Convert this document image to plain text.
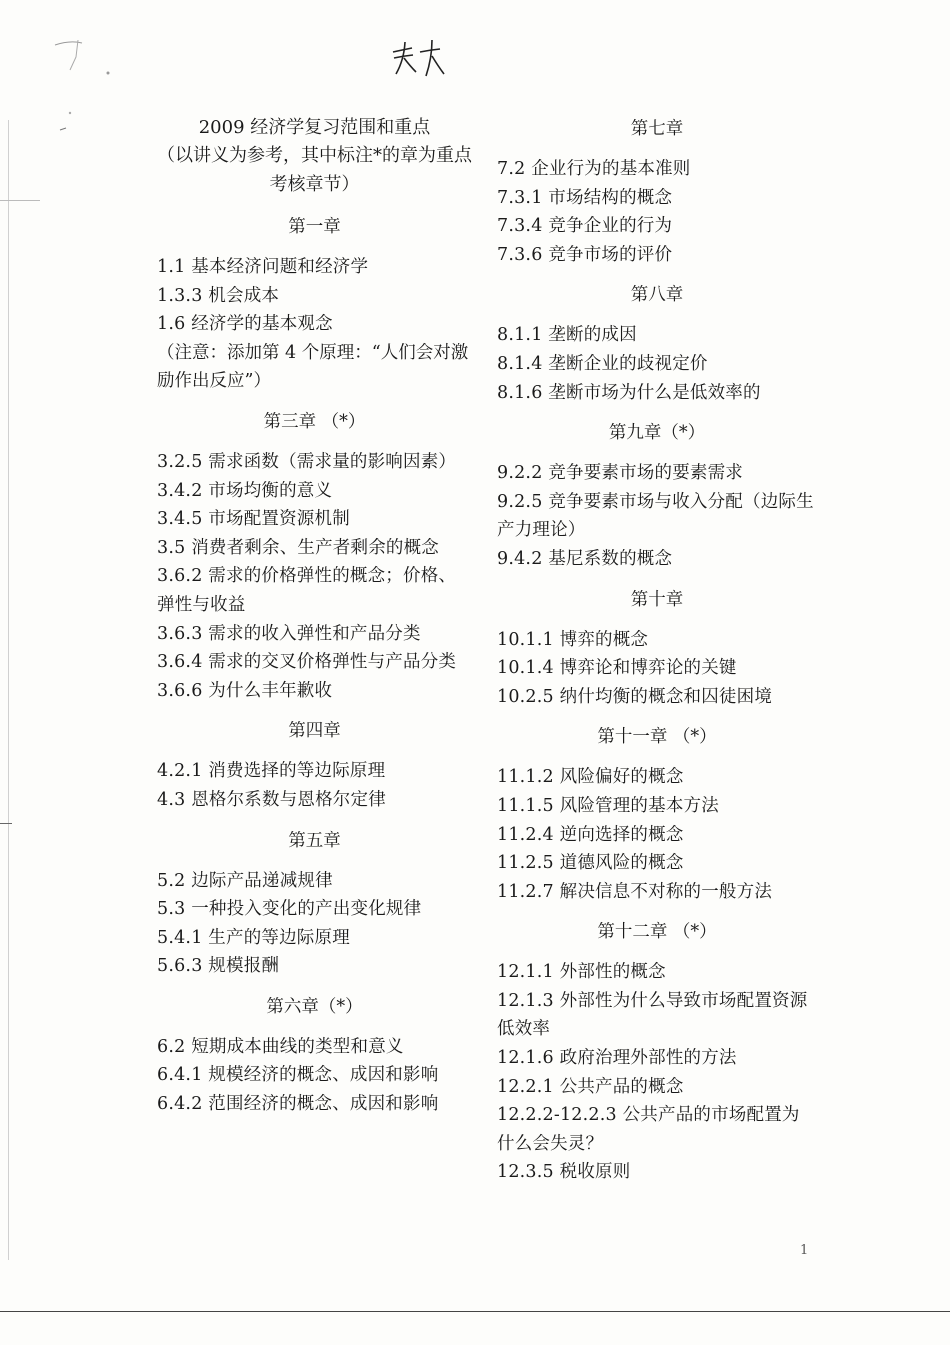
2009 经济学复习范围和重点
（以讲义为参考，其中标注*的章为重点考核章节）
第一章

1.1 基本经济问题和经济学

1.3.3 机会成本

1.6 经济学的基本观念

（注意：添加第 4 个原理：“人们会对激励作出反应”）

第三章 （*）

3.2.5 需求函数（需求量的影响因素）

3.4.2 市场均衡的意义

3.4.5 市场配置资源机制

3.5 消费者剩余、生产者剩余的概念

3.6.2 需求的价格弹性的概念；价格、弹性与收益

3.6.3 需求的收入弹性和产品分类

3.6.4 需求的交叉价格弹性与产品分类

3.6.6 为什么丰年歉收

第四章

4.2.1 消费选择的等边际原理

4.3 恩格尔系数与恩格尔定律

第五章

5.2 边际产品递减规律

5.3 一种投入变化的产出变化规律

5.4.1 生产的等边际原理

5.6.3 规模报酬

第六章（*）

6.2 短期成本曲线的类型和意义

6.4.1 规模经济的概念、成因和影响

6.4.2 范围经济的概念、成因和影响

第七章

7.2 企业行为的基本准则

7.3.1 市场结构的概念

7.3.4 竞争企业的行为

7.3.6 竞争市场的评价

第八章

8.1.1 垄断的成因

8.1.4 垄断企业的歧视定价

8.1.6 垄断市场为什么是低效率的

第九章（*）

9.2.2 竞争要素市场的要素需求

9.2.5 竞争要素市场与收入分配（边际生产力理论）

9.4.2 基尼系数的概念

第十章

10.1.1 博弈的概念

10.1.4 博弈论和博弈论的关键

10.2.5 纳什均衡的概念和囚徒困境

第十一章 （*）

11.1.2 风险偏好的概念

11.1.5 风险管理的基本方法

11.2.4 逆向选择的概念

11.2.5 道德风险的概念

11.2.7 解决信息不对称的一般方法

第十二章 （*）

12.1.1 外部性的概念

12.1.3 外部性为什么导致市场配置资源低效率

12.1.6 政府治理外部性的方法

12.2.1 公共产品的概念

12.2.2-12.2.3 公共产品的市场配置为什么会失灵？

12.3.5 税收原则

1
